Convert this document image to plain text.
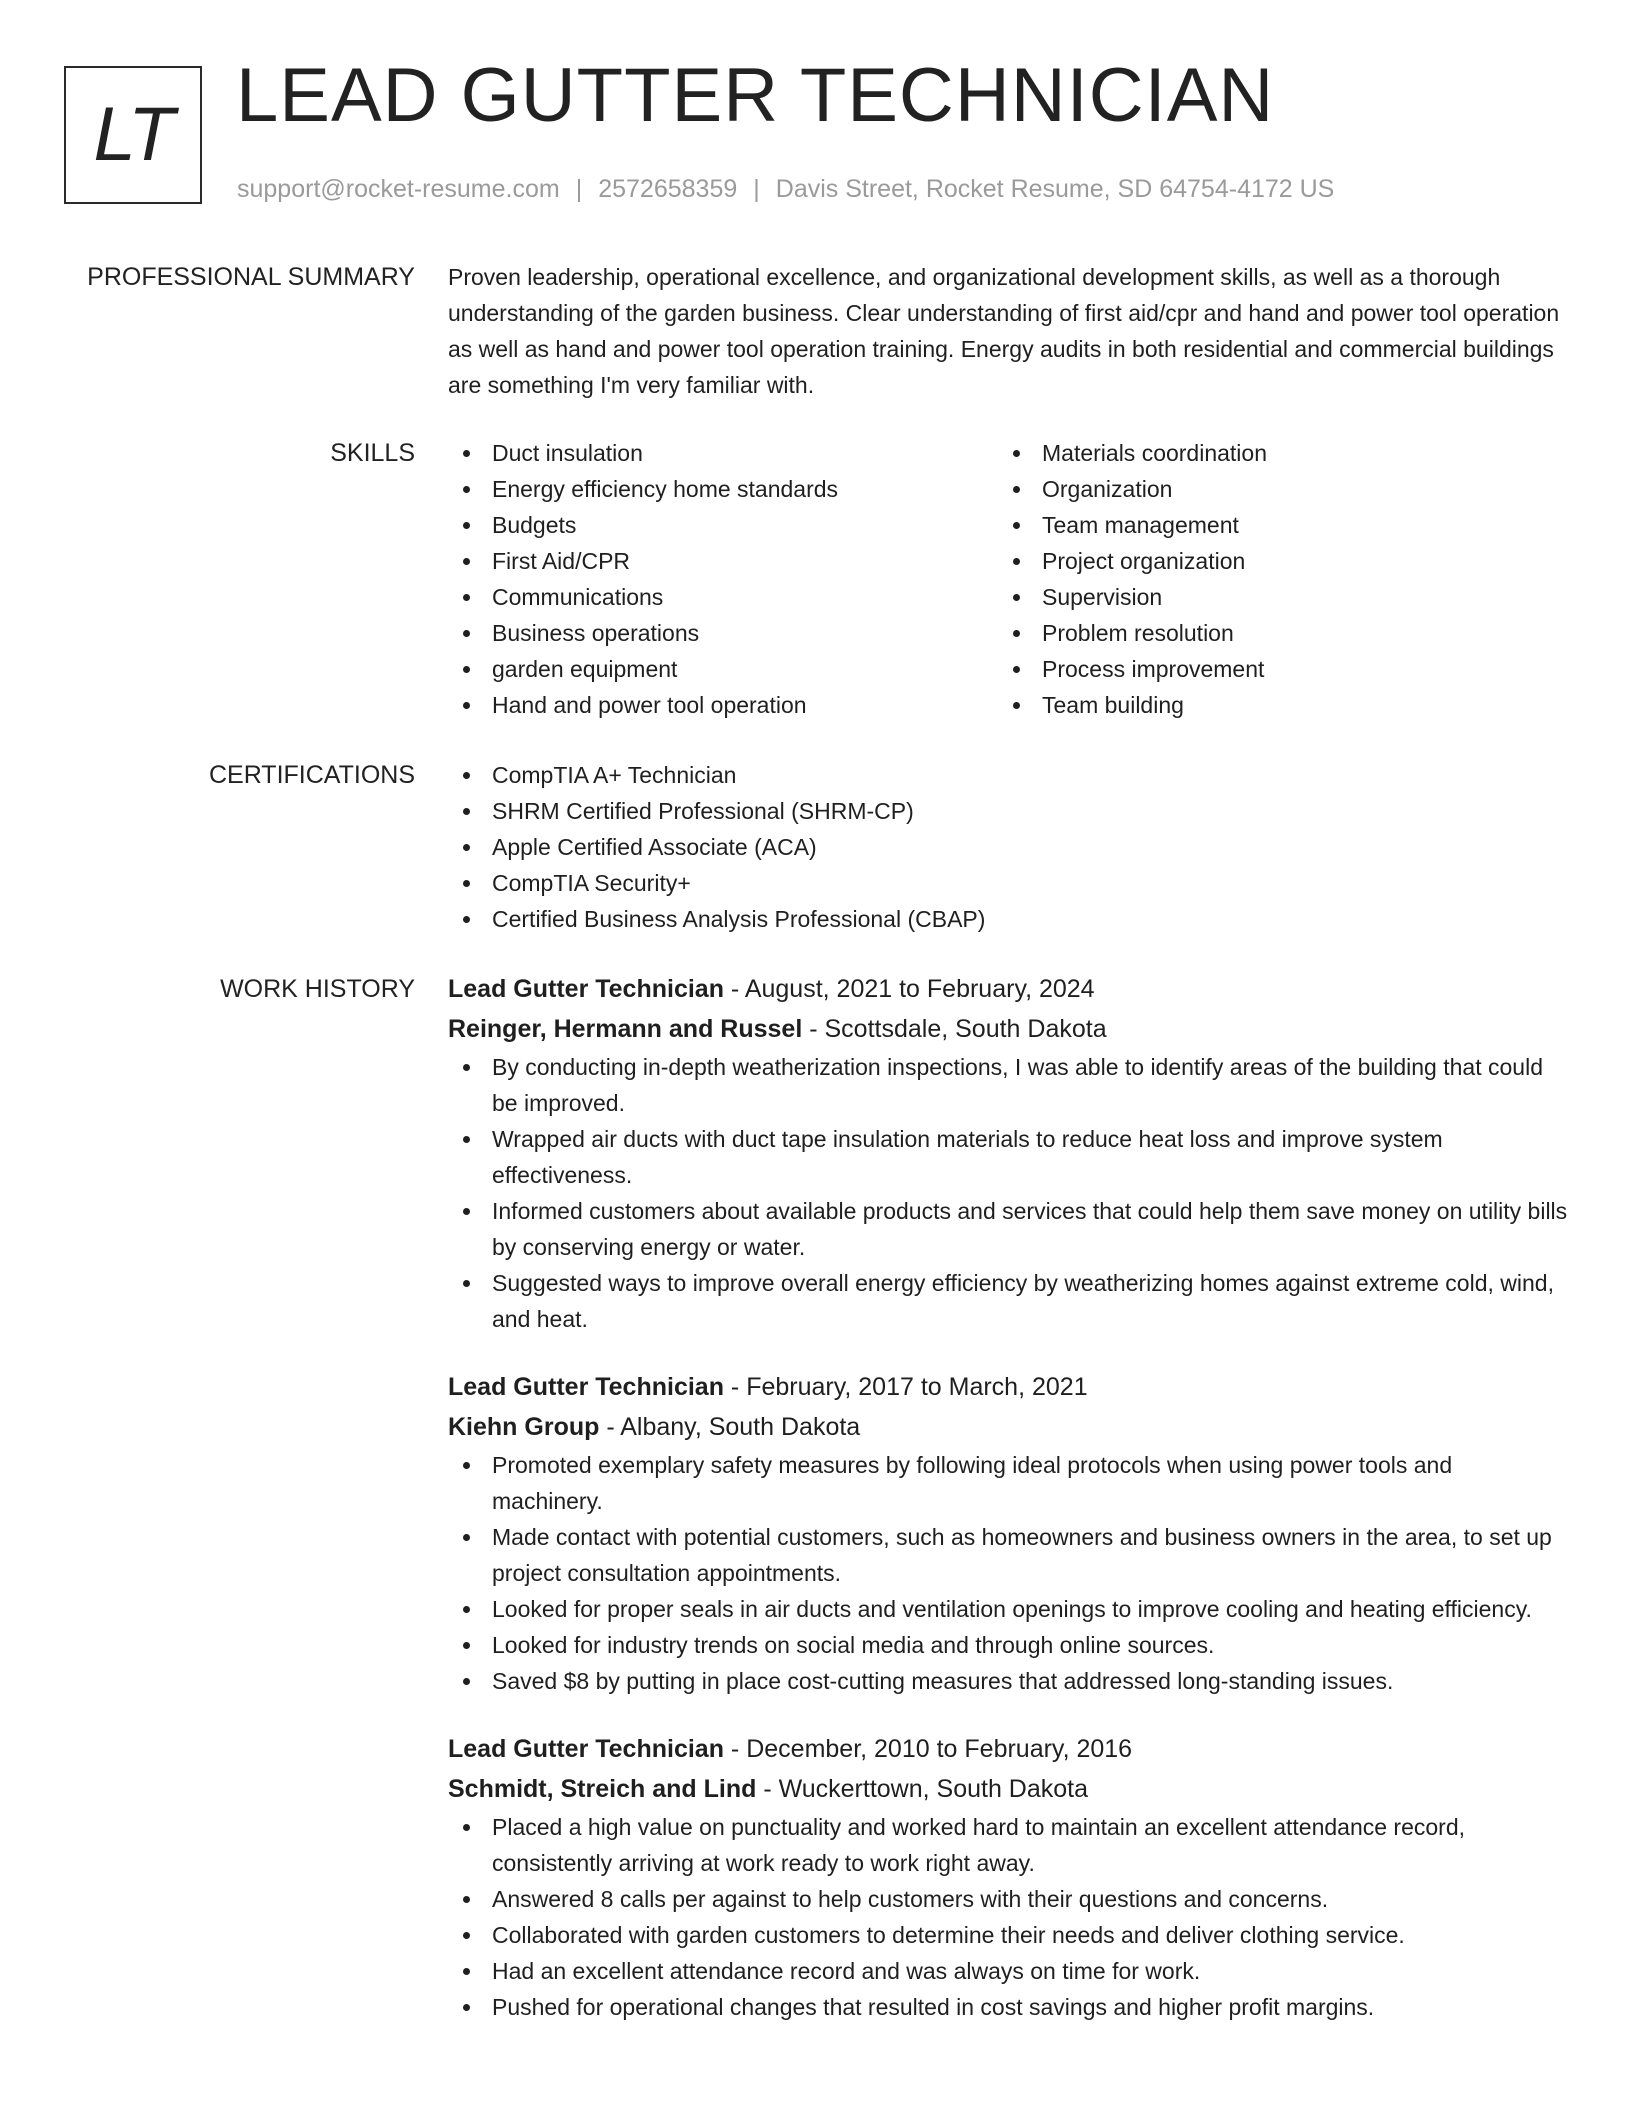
LT LEAD GUTTER TECHNICIAN
support@rocket-resume.com | 2572658359 | Davis Street, Rocket Resume, SD 64754-4172 US
PROFESSIONAL SUMMARY Proven leadership, operational excellence, and organizational development skills, as well as a thorough understanding of the garden business. Clear understanding of first aid/cpr and hand and power tool operation as well as hand and power tool operation training. Energy audits in both residential and commercial buildings are something I'm very familiar with.

SKILLS	Duct insulation
Energy efficiency home standards
Budgets
First Aid/CPR
Communications
Business operations
garden equipment
Hand and power tool operation
Materials coordination
Organization
Team management
Project organization
Supervision
Problem resolution
Process improvement
Team building
CERTIFICATIONS	CompTIA A+ Technician
SHRM Certified Professional (SHRM-CP)
Apple Certified Associate (ACA)
CompTIA Security+
Certified Business Analysis Professional (CBAP)
WORK HISTORY Lead Gutter Technician - August, 2021 to February, 2024
Reinger, Hermann and Russel - Scottsdale, South Dakota
By conducting in-depth weatherization inspections, I was able to identify areas of the building that could be improved.
Wrapped air ducts with duct tape insulation materials to reduce heat loss and improve system effectiveness.
Informed customers about available products and services that could help them save money on utility bills by conserving energy or water.
Suggested ways to improve overall energy efficiency by weatherizing homes against extreme cold, wind, and heat.
Lead Gutter Technician - February, 2017 to March, 2021
Kiehn Group - Albany, South Dakota
Promoted exemplary safety measures by following ideal protocols when using power tools and machinery.
Made contact with potential customers, such as homeowners and business owners in the area, to set up project consultation appointments.
Looked for proper seals in air ducts and ventilation openings to improve cooling and heating efficiency.
Looked for industry trends on social media and through online sources.
Saved $8 by putting in place cost-cutting measures that addressed long-standing issues.
Lead Gutter Technician - December, 2010 to February, 2016
Schmidt, Streich and Lind - Wuckerttown, South Dakota
Placed a high value on punctuality and worked hard to maintain an excellent attendance record, consistently arriving at work ready to work right away.
Answered 8 calls per against to help customers with their questions and concerns.
Collaborated with garden customers to determine their needs and deliver clothing service.
Had an excellent attendance record and was always on time for work.
Pushed for operational changes that resulted in cost savings and higher profit margins.
